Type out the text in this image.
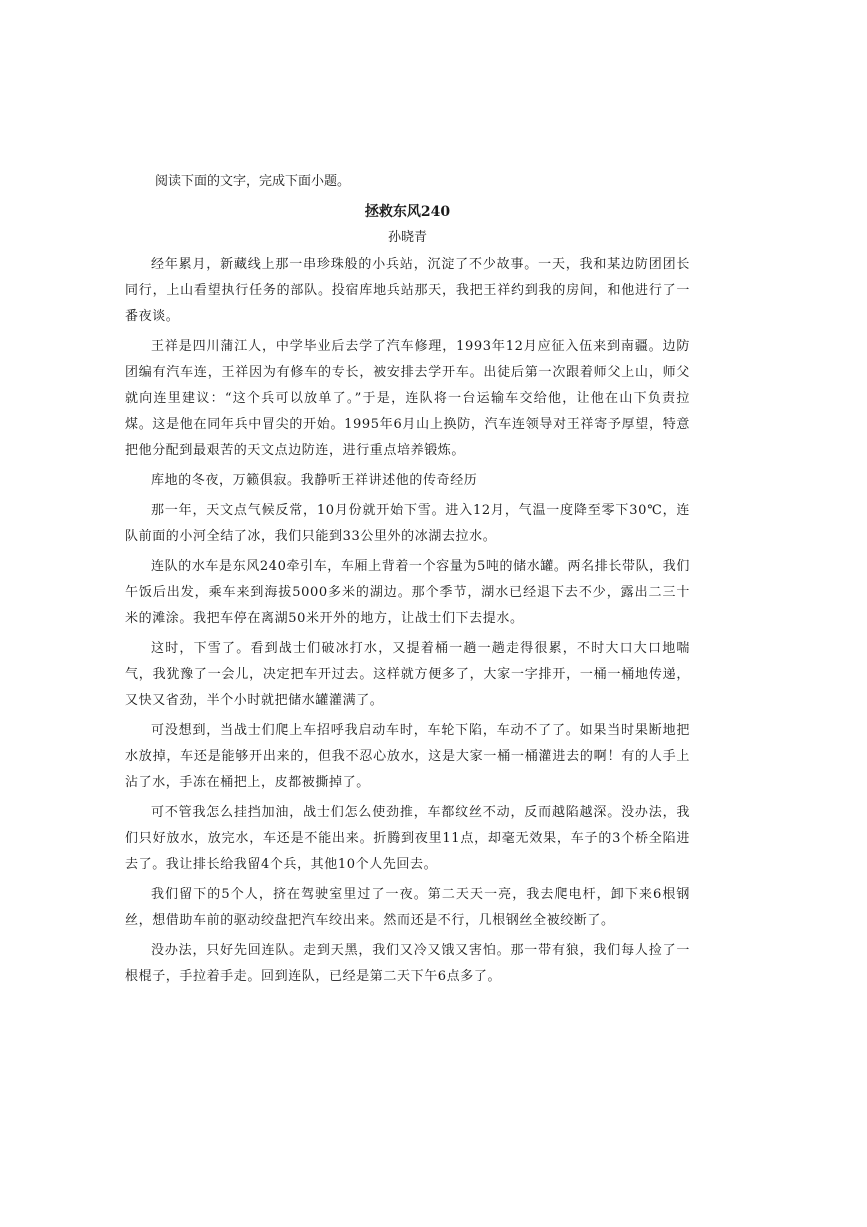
阅读下面的文字，完成下面小题。

拯救东风240

孙晓青

经年累月，新藏线上那一串珍珠般的小兵站，沉淀了不少故事。一天，我和某边防团团长同行，上山看望执行任务的部队。投宿库地兵站那天，我把王祥约到我的房间，和他进行了一番夜谈。

王祥是四川蒲江人，中学毕业后去学了汽车修理，1993年12月应征入伍来到南疆。边防团编有汽车连，王祥因为有修车的专长，被安排去学开车。出徒后第一次跟着师父上山，师父就向连里建议：“这个兵可以放单了。”于是，连队将一台运输车交给他，让他在山下负责拉煤。这是他在同年兵中冒尖的开始。1995年6月山上换防，汽车连领导对王祥寄予厚望，特意把他分配到最艰苦的天文点边防连，进行重点培养锻炼。

库地的冬夜，万籁俱寂。我静听王祥讲述他的传奇经历

那一年，天文点气候反常，10月份就开始下雪。进入12月，气温一度降至零下30℃，连队前面的小河全结了冰，我们只能到33公里外的冰湖去拉水。

连队的水车是东风240牵引车，车厢上背着一个容量为5吨的储水罐。两名排长带队，我们午饭后出发，乘车来到海拔5000多米的湖边。那个季节，湖水已经退下去不少，露出二三十米的滩涂。我把车停在离湖50米开外的地方，让战士们下去提水。

这时，下雪了。看到战士们破冰打水，又提着桶一趟一趟走得很累，不时大口大口地喘气，我犹豫了一会儿，决定把车开过去。这样就方便多了，大家一字排开，一桶一桶地传递，又快又省劲，半个小时就把储水罐灌满了。

可没想到，当战士们爬上车招呼我启动车时，车轮下陷，车动不了了。如果当时果断地把水放掉，车还是能够开出来的，但我不忍心放水，这是大家一桶一桶灌进去的啊！有的人手上沾了水，手冻在桶把上，皮都被撕掉了。

可不管我怎么挂挡加油，战士们怎么使劲推，车都纹丝不动，反而越陷越深。没办法，我们只好放水，放完水，车还是不能出来。折腾到夜里11点，却毫无效果，车子的3个桥全陷进去了。我让排长给我留4个兵，其他10个人先回去。

我们留下的5个人，挤在驾驶室里过了一夜。第二天天一亮，我去爬电杆，卸下来6根钢丝，想借助车前的驱动绞盘把汽车绞出来。然而还是不行，几根钢丝全被绞断了。

没办法，只好先回连队。走到天黑，我们又冷又饿又害怕。那一带有狼，我们每人捡了一根棍子，手拉着手走。回到连队，已经是第二天下午6点多了。
